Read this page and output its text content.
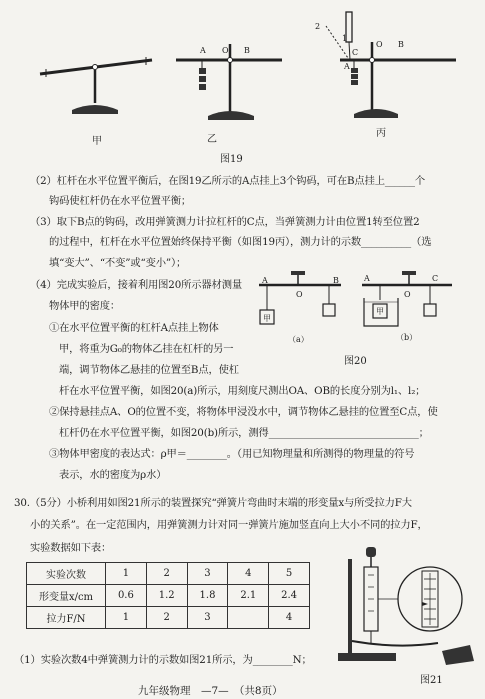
甲
A O B
乙
2
1
C
A
O B
丙
图19
（2）杠杆在水平位置平衡后，在图19乙所示的A点挂上3个钩码，可在B点挂上______个
钩码使杠杆仍在水平位置平衡；
（3）取下B点的钩码，改用弹簧测力计拉杠杆的C点，当弹簧测力计由位置1转至位置2
的过程中，杠杆在水平位置始终保持平衡（如图19丙），测力计的示数__________（选
填“变大”、“不变”或“变小”）；
（4）完成实验后，接着利用图20所示器材测量
物体甲的密度：
①在水平位置平衡的杠杆A点挂上物体
甲，将重为G₀的物体乙挂在杠杆的另一
端，调节物体乙悬挂的位置至B点，使杠
杆在水平位置平衡，如图20(a)所示，用刻度尺测出OA、OB的长度分别为l₁、l₂；
②保持悬挂点A、O的位置不变，将物体甲浸没水中，调节物体乙悬挂的位置至C点，使
杠杆仍在水平位置平衡，如图20(b)所示，测得______________________________；
③物体甲密度的表达式：ρ甲＝________。（用已知物理量和所测得的物理量的符号
表示，水的密度为ρ水）
A
O
B
甲
（a）
A
O
C
甲
（b）
图20
30.（5分）小桥利用如图21所示的装置探究“弹簧片弯曲时末端的形变量x与所受拉力F大
小的关系”。在一定范围内，用弹簧测力计对同一弹簧片施加竖直向上大小不同的拉力F，
实验数据如下表：
实验次数	1	2	3	4	5
形变量x/cm	0.6	1.2	1.8	2.1	2.4
拉力F/N	1	2	3		4
（1）实验次数4中弹簧测力计的示数如图21所示，为________N；
图21
九年级物理　—7—　（共8页）
